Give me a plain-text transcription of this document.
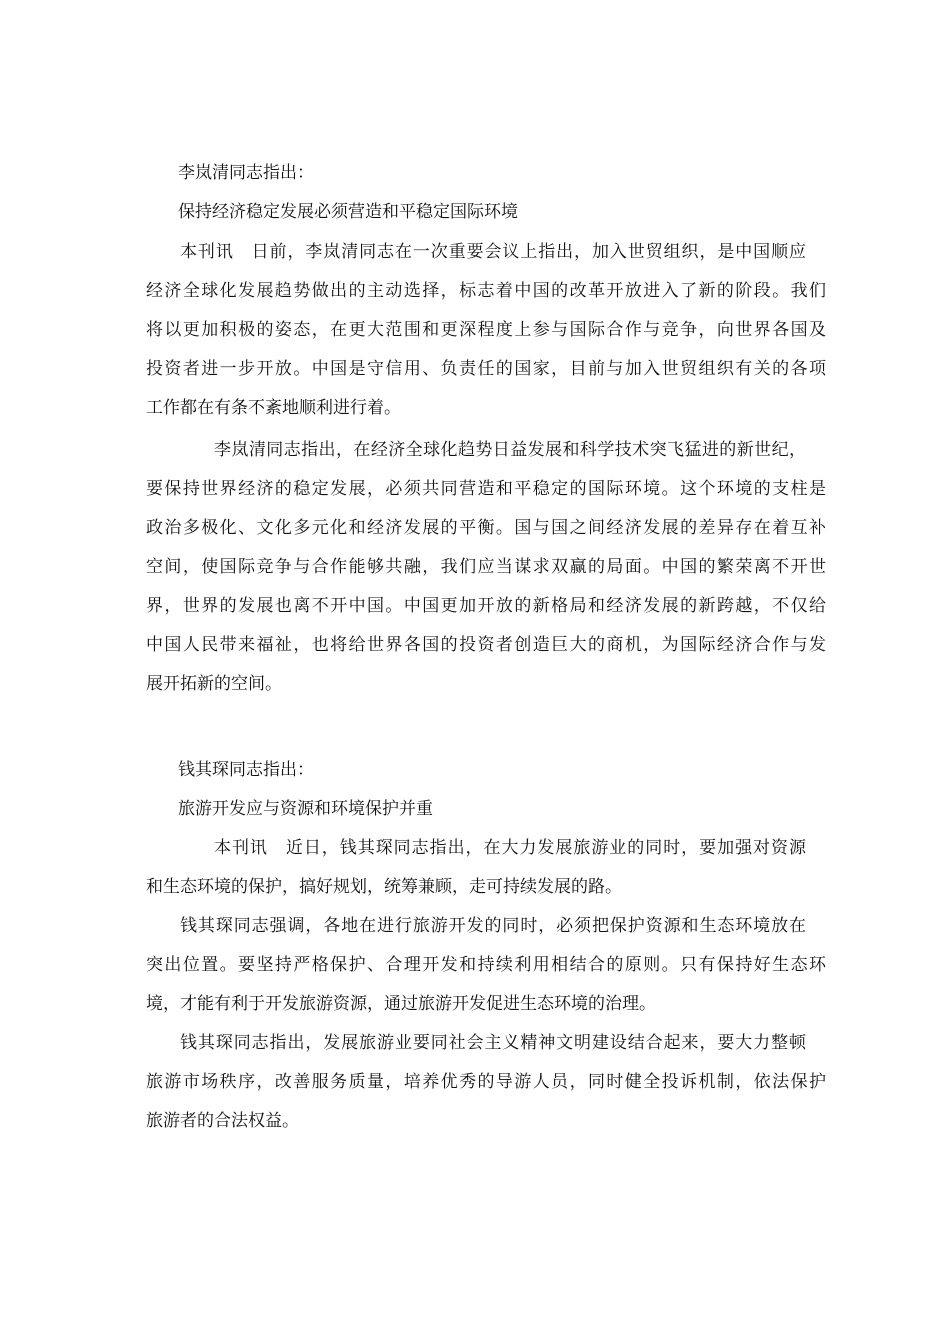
李岚清同志指出：
保持经济稳定发展必须营造和平稳定国际环境
本刊讯　日前，李岚清同志在一次重要会议上指出，加入世贸组织，是中国顺应
经济全球化发展趋势做出的主动选择，标志着中国的改革开放进入了新的阶段。我们
将以更加积极的姿态，在更大范围和更深程度上参与国际合作与竞争，向世界各国及
投资者进一步开放。中国是守信用、负责任的国家，目前与加入世贸组织有关的各项
工作都在有条不紊地顺利进行着。
李岚清同志指出，在经济全球化趋势日益发展和科学技术突飞猛进的新世纪，
要保持世界经济的稳定发展，必须共同营造和平稳定的国际环境。这个环境的支柱是
政治多极化、文化多元化和经济发展的平衡。国与国之间经济发展的差异存在着互补
空间，使国际竞争与合作能够共融，我们应当谋求双赢的局面。中国的繁荣离不开世
界，世界的发展也离不开中国。中国更加开放的新格局和经济发展的新跨越，不仅给
中国人民带来福祉，也将给世界各国的投资者创造巨大的商机，为国际经济合作与发
展开拓新的空间。
钱其琛同志指出：
旅游开发应与资源和环境保护并重
本刊讯　近日，钱其琛同志指出，在大力发展旅游业的同时，要加强对资源
和生态环境的保护，搞好规划，统筹兼顾，走可持续发展的路。
钱其琛同志强调，各地在进行旅游开发的同时，必须把保护资源和生态环境放在
突出位置。要坚持严格保护、合理开发和持续利用相结合的原则。只有保持好生态环
境，才能有利于开发旅游资源，通过旅游开发促进生态环境的治理。
钱其琛同志指出，发展旅游业要同社会主义精神文明建设结合起来，要大力整顿
旅游市场秩序，改善服务质量，培养优秀的导游人员，同时健全投诉机制，依法保护
旅游者的合法权益。
